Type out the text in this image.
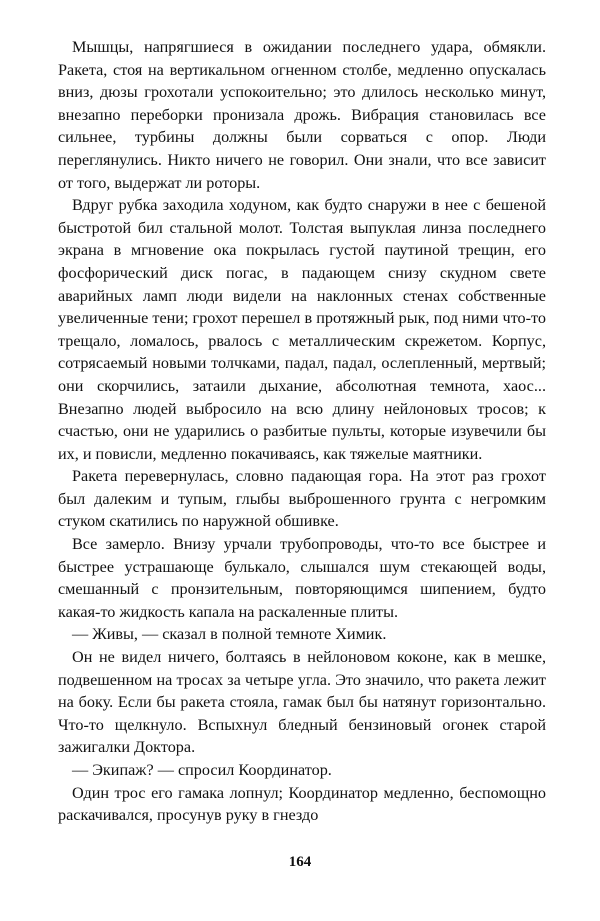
Мышцы, напрягшиеся в ожидании последнего удара, обмякли. Ракета, стоя на вертикальном огненном столбе, медленно опускалась вниз, дюзы грохотали успокоительно; это длилось несколько минут, внезапно переборки пронизала дрожь. Вибрация становилась все сильнее, турбины должны были сорваться с опор. Люди переглянулись. Никто ничего не говорил. Они знали, что все зависит от того, выдержат ли роторы.

Вдруг рубка заходила ходуном, как будто снаружи в нее с бешеной быстротой бил стальной молот. Толстая выпуклая линза последнего экрана в мгновение ока покрылась густой паутиной трещин, его фосфорический диск погас, в падающем снизу скудном свете аварийных ламп люди видели на наклонных стенах собственные увеличенные тени; грохот перешел в протяжный рык, под ними что-то трещало, ломалось, рвалось с металлическим скрежетом. Корпус, сотрясаемый новыми толчками, падал, падал, ослепленный, мертвый; они скорчились, затаили дыхание, абсолютная темнота, хаос... Внезапно людей выбросило на всю длину нейлоновых тросов; к счастью, они не ударились о разбитые пульты, которые изувечили бы их, и повисли, медленно покачиваясь, как тяжелые маятники.

Ракета перевернулась, словно падающая гора. На этот раз грохот был далеким и тупым, глыбы выброшенного грунта с негромким стуком скатились по наружной обшивке.

Все замерло. Внизу урчали трубопроводы, что-то все быстрее и быстрее устрашающе булькало, слышался шум стекающей воды, смешанный с пронзительным, повторяющимся шипением, будто какая-то жидкость капала на раскаленные плиты.

— Живы, — сказал в полной темноте Химик.

Он не видел ничего, болтаясь в нейлоновом коконе, как в мешке, подвешенном на тросах за четыре угла. Это значило, что ракета лежит на боку. Если бы ракета стояла, гамак был бы натянут горизонтально. Что-то щелкнуло. Вспыхнул бледный бензиновый огонек старой зажигалки Доктора.

— Экипаж? — спросил Координатор.

Один трос его гамака лопнул; Координатор медленно, беспомощно раскачивался, просунув руку в гнездо

164
